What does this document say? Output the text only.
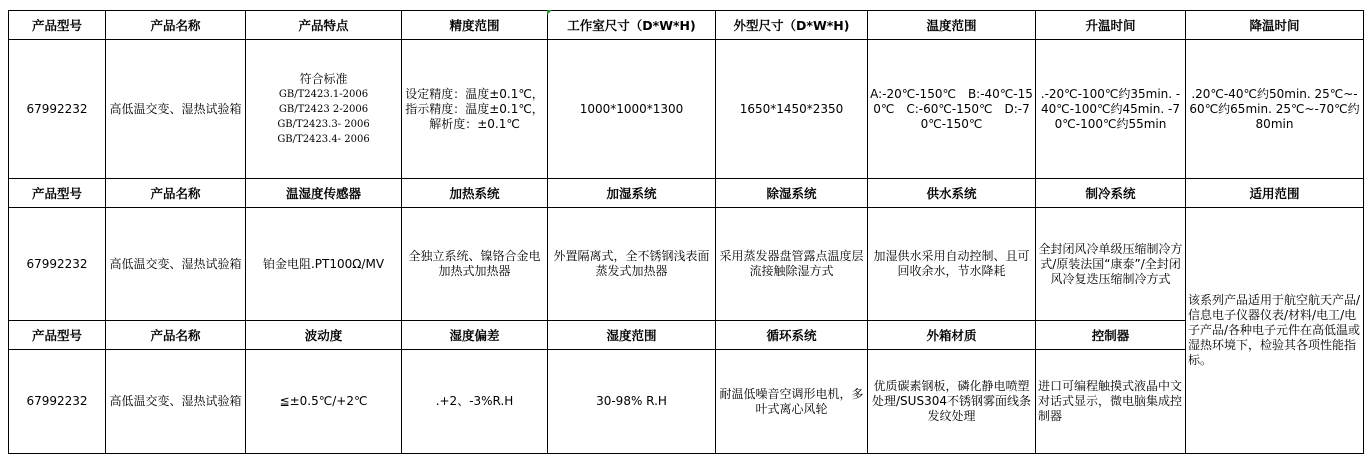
产品型号	产品名称	产品特点	精度范围	工作室尺寸（D*W*H)	外型尺寸（D*W*H)	温度范围	升温时间	降温时间
67992232	高低温交变、湿热试验箱	符合标准
GB/T2423.1-2006
GB/T2423 2-2006
GB/T2423.3- 2006
GB/T2423.4- 2006	设定精度：温度±0.1℃，指示精度：温度±0.1℃，解析度：±0.1℃	1000*1000*1300	1650*1450*2350	A:-20℃-150℃　B:-40℃-150℃　C:-60℃-150℃　D:-70℃-150℃	.-20℃-100℃约35min. -40℃-100℃约45min. -70℃-100℃约55min	.20℃-40℃约50min. 25℃~-60℃约65min. 25℃~-70℃约80min
产品型号	产品名称	温湿度传感器	加热系统	加湿系统	除湿系统	供水系统	制冷系统	适用范围
67992232	高低温交变、湿热试验箱	铂金电阻.PT100Ω/MV	全独立系统、镍铬合金电加热式加热器	外置隔离式，全不锈钢浅表面蒸发式加热器	采用蒸发器盘管露点温度层流接触除湿方式	加湿供水采用自动控制、且可回收余水，节水降耗	全封闭风冷单级压缩制冷方式/原装法国“康泰”/全封闭风冷复迭压缩制冷方式	该系列产品适用于航空航天产品/信息电子仪器仪表/材料/电工/电子产品/各种电子元件在高低温或湿热环境下，检验其各项性能指标。
产品型号	产品名称	波动度	湿度偏差	湿度范围	循环系统	外箱材质	控制器	
67992232	高低温交变、湿热试验箱	≦±0.5℃/+2℃	.+2、-3%R.H	30-98% R.H	耐温低噪音空调形电机，多叶式离心风轮	优质碳素钢板，磷化静电喷塑处理/SUS304不锈钢雾面线条发纹处理	进口可编程触摸式液晶中文对话式显示，微电脑集成控制器	
